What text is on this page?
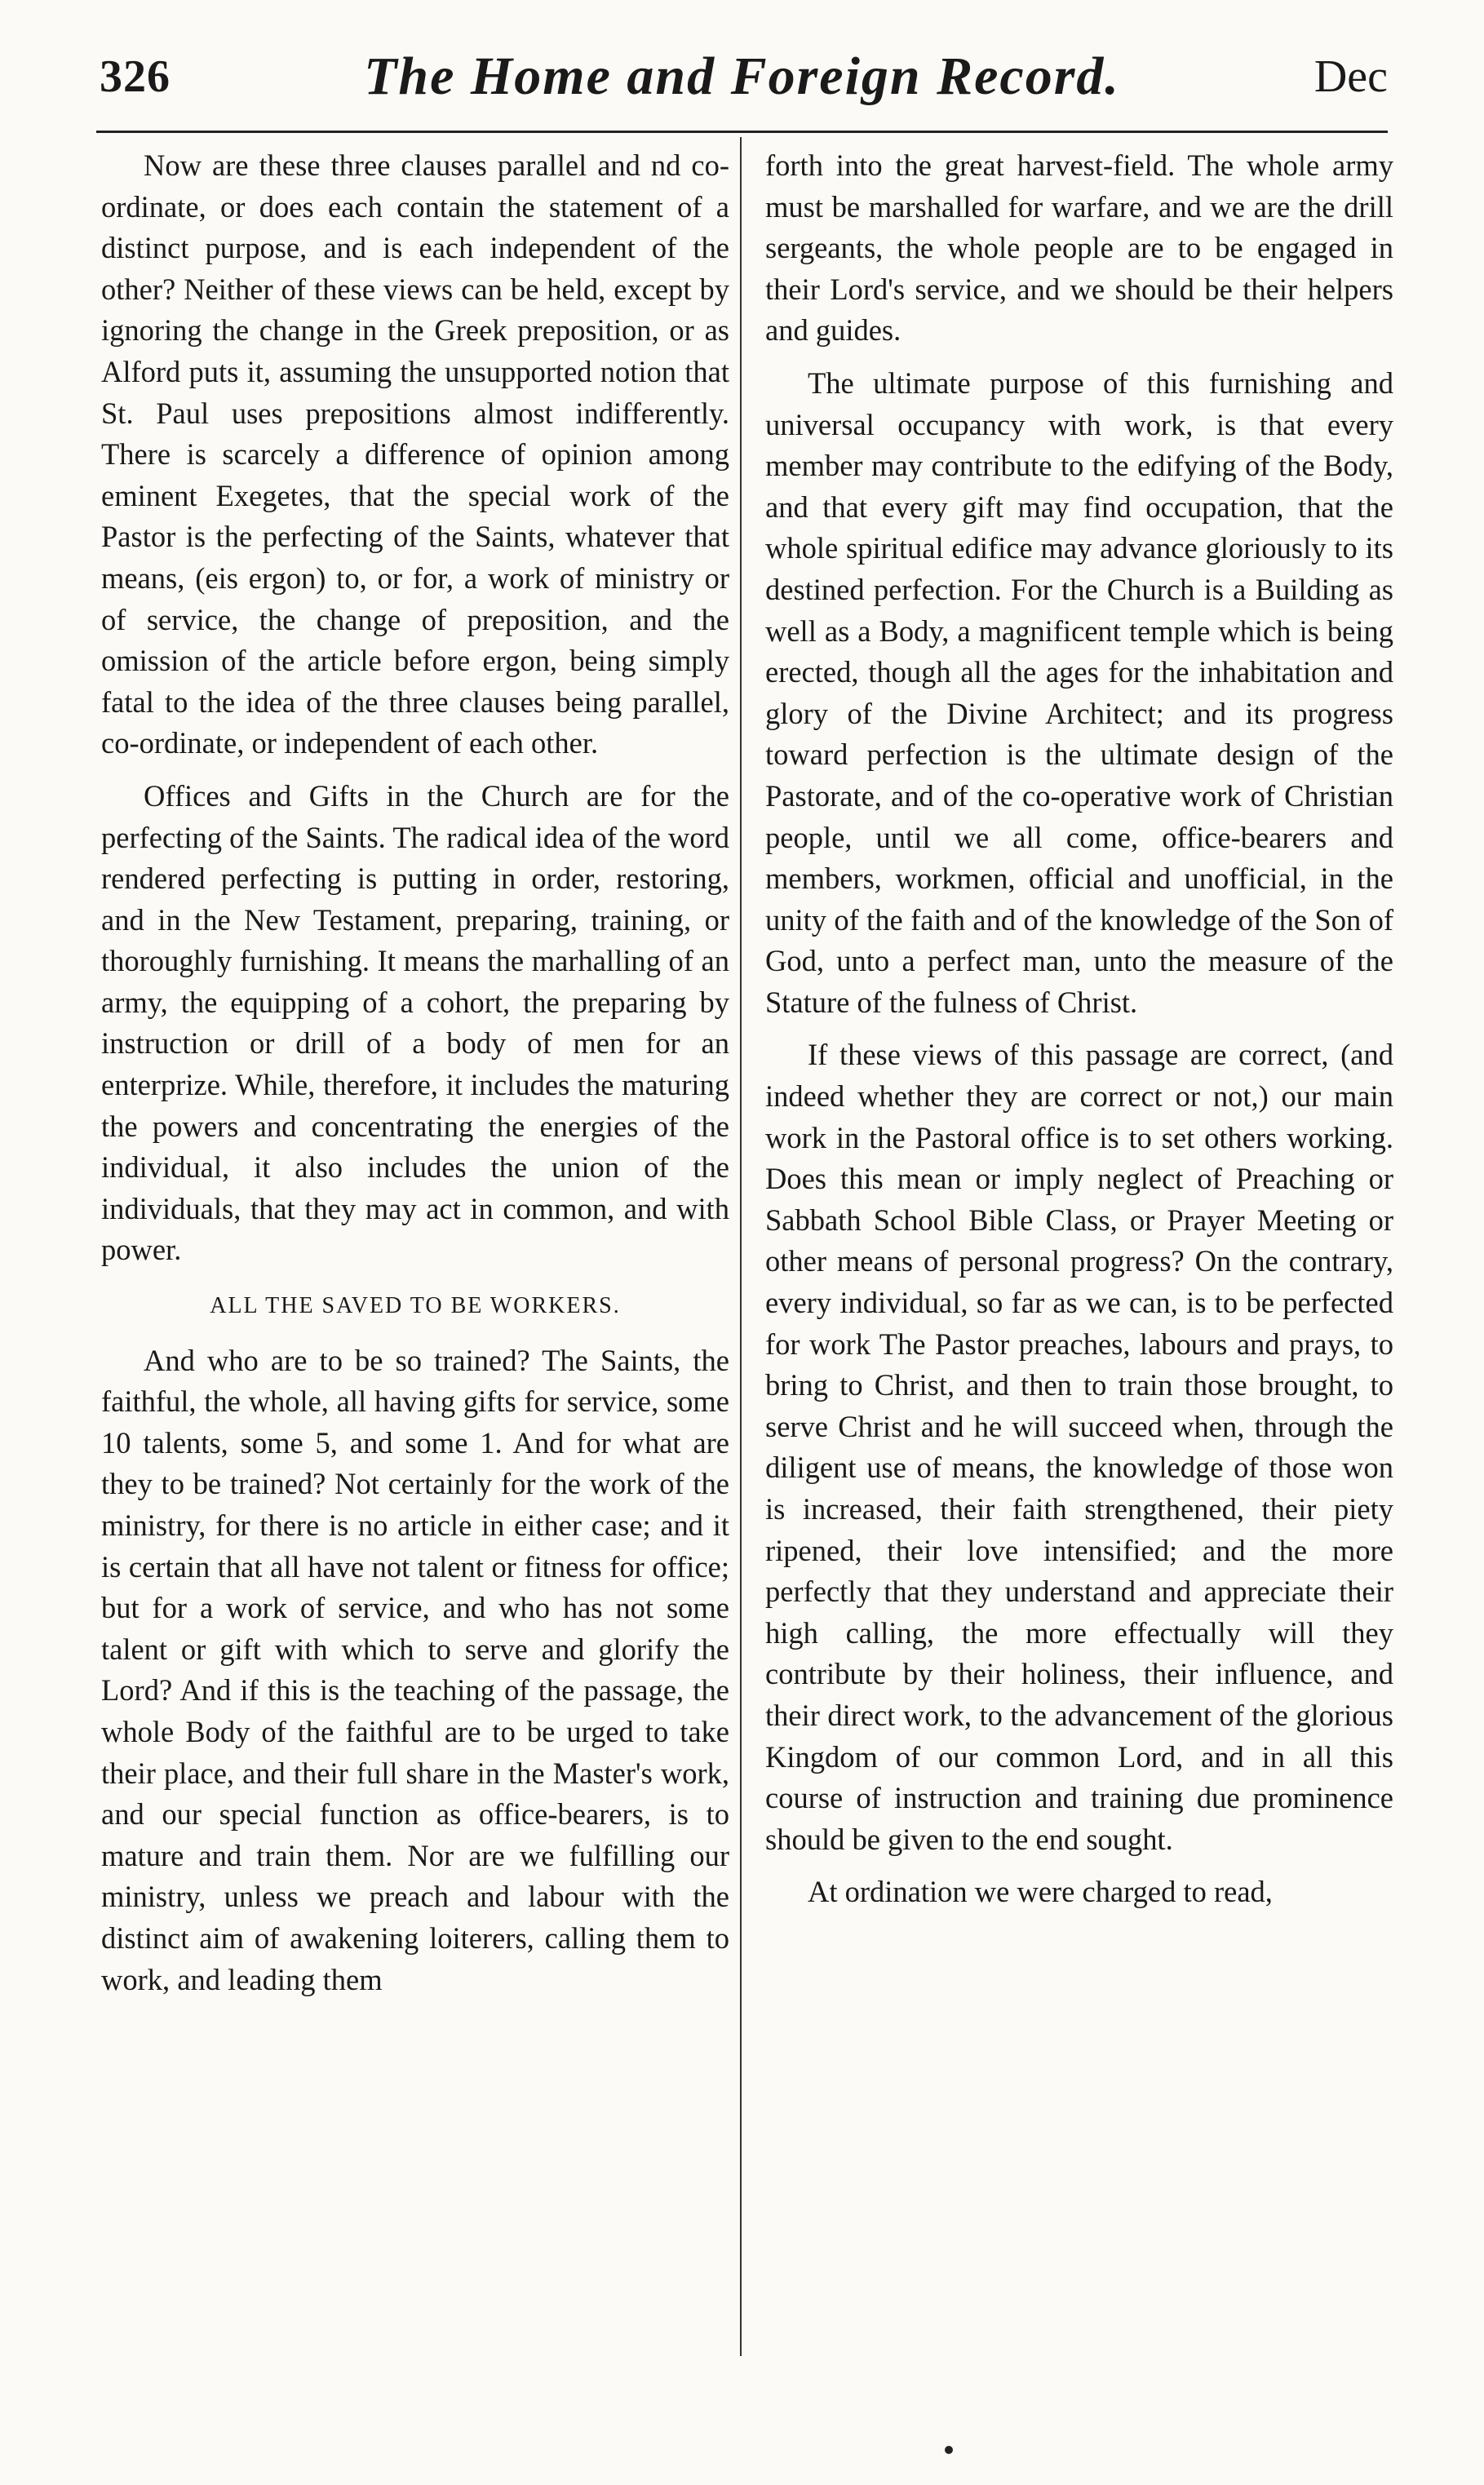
326	The Home and Foreign Record.	Dec

Now are these three clauses parallel and nd co-ordinate, or does each contain the statement of a distinct purpose, and is each independent of the other? Neither of these views can be held, except by ignoring the change in the Greek preposition, or as Alford puts it, assuming the unsupported notion that St. Paul uses prepositions almost indifferently. There is scarcely a difference of opinion among eminent Exegetes, that the special work of the Pastor is the perfecting of the Saints, whatever that means, (eis ergon) to, or for, a work of ministry or of service, the change of preposition, and the omission of the article before ergon, being simply fatal to the idea of the three clauses being parallel, co-ordinate, or independent of each other.

Offices and Gifts in the Church are for the perfecting of the Saints. The radical idea of the word rendered perfecting is putting in order, restoring, and in the New Testament, preparing, training, or thoroughly furnishing. It means the marhalling of an army, the equipping of a cohort, the preparing by instruction or drill of a body of men for an enterprize. While, therefore, it includes the maturing the powers and concentrating the energies of the individual, it also includes the union of the individuals, that they may act in common, and with power.

ALL THE SAVED TO BE WORKERS.

And who are to be so trained? The Saints, the faithful, the whole, all having gifts for service, some 10 talents, some 5, and some 1. And for what are they to be trained? Not certainly for the work of the ministry, for there is no article in either case; and it is certain that all have not talent or fitness for office; but for a work of service, and who has not some talent or gift with which to serve and glorify the Lord? And if this is the teaching of the passage, the whole Body of the faithful are to be urged to take their place, and their full share in the Master's work, and our special function as office-bearers, is to mature and train them. Nor are we fulfilling our ministry, unless we preach and labour with the distinct aim of awakening loiterers, calling them to work, and leading them

forth into the great harvest-field. The whole army must be marshalled for warfare, and we are the drill sergeants, the whole people are to be engaged in their Lord's service, and we should be their helpers and guides.

The ultimate purpose of this furnishing and universal occupancy with work, is that every member may contribute to the edifying of the Body, and that every gift may find occupation, that the whole spiritual edifice may advance gloriously to its destined perfection. For the Church is a Building as well as a Body, a magnificent temple which is being erected, though all the ages for the inhabitation and glory of the Divine Architect; and its progress toward perfection is the ultimate design of the Pastorate, and of the co-operative work of Christian people, until we all come, office-bearers and members, workmen, official and unofficial, in the unity of the faith and of the knowledge of the Son of God, unto a perfect man, unto the measure of the Stature of the fulness of Christ.

If these views of this passage are correct, (and indeed whether they are correct or not,) our main work in the Pastoral office is to set others working. Does this mean or imply neglect of Preaching or Sabbath School Bible Class, or Prayer Meeting or other means of personal progress? On the contrary, every individual, so far as we can, is to be perfected for work The Pastor preaches, labours and prays, to bring to Christ, and then to train those brought, to serve Christ and he will succeed when, through the diligent use of means, the knowledge of those won is increased, their faith strengthened, their piety ripened, their love intensified; and the more perfectly that they understand and appreciate their high calling, the more effectually will they contribute by their holiness, their influence, and their direct work, to the advancement of the glorious Kingdom of our common Lord, and in all this course of instruction and training due prominence should be given to the end sought.

At ordination we were charged to read,
